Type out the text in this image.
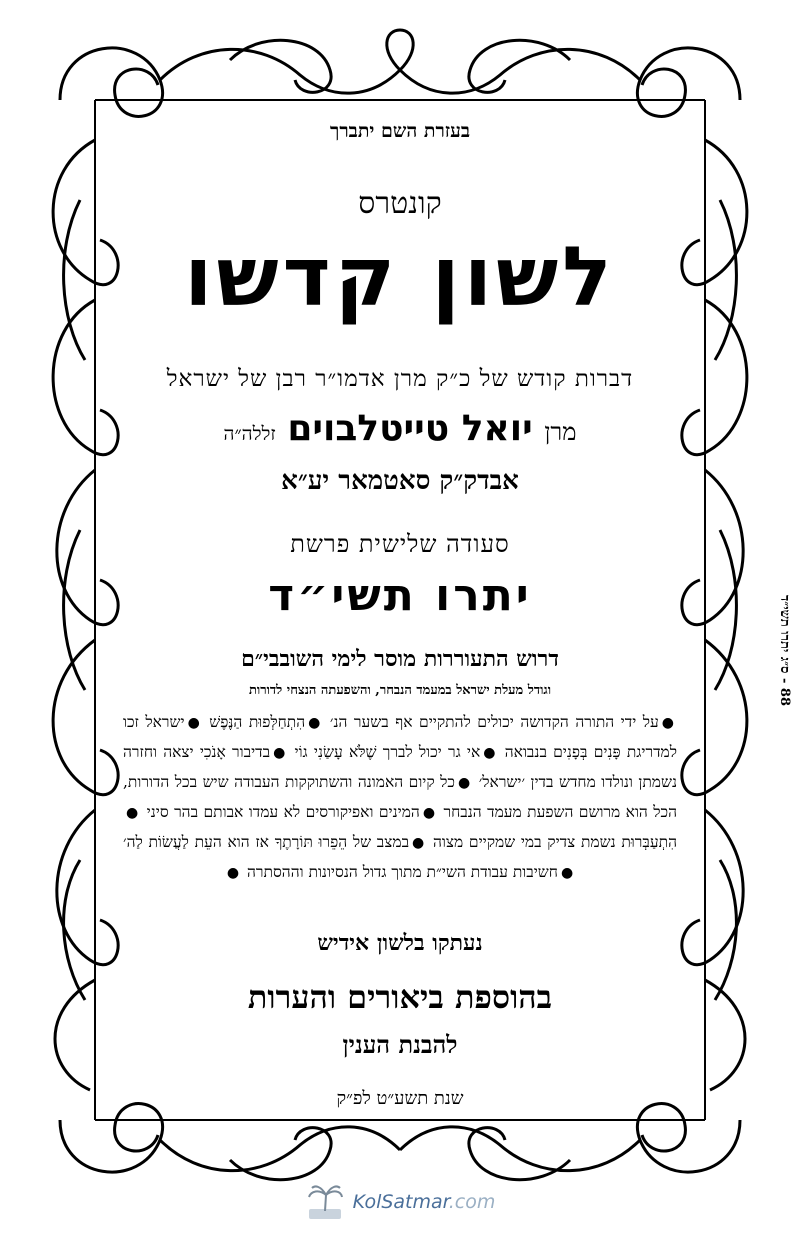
בעזרת השם יתברך
קונטרס
לשון קדשו
דברות קודש של כ״ק מרן אדמו״ר רבן של ישראל
מרן יואל טייטלבוים זללה״ה
אבדק״ק סאטמאר יע״א
סעודה שלישית פרשת
יתרו תשי״ד
דרוש התעוררות מוסר לימי השובבי״ם
וגודל מעלת ישראל במעמד הנבחר, והשפעתה הנצחי לדורות
●על ידי התורה הקדושה יכולים להתקיים אף בשער הנ׳ ●הִתְחַלְּפוּת הַנֶּפֶשׁ ●ישראל זכו למדריגת פָּנִים בְּפָנִים בנבואה ●אי גר יכול לברך שֶׁלֹּא עָשַׂנִי גוֹי ●בדיבור אָנֹכִי יצאה וחזרה נשמתן ונולדו מחדש בדין ׳ישראל׳ ●כל קיום האמונה והשתוקקות העבודה שיש בכל הדורות, הכל הוא מרושם השפעת מעמד הנבחר ●המינים ואפיקורסים לא עמדו אבותם בהר סיני ●הִתְעַבְּרוּת נשמת צדיק במי שמקיים מצוה ●במצב של הֵפֵרוּ תּוֹרָתֶךָ אז הוא העֵת לַעֲשׂוֹת לַה׳ ●חשיבות עבודת השי״ת מתוך גדול הנסיונות וההסתרה ●
נעתקו בלשון אידיש
בהוספת ביאורים והערות
להבנת הענין
שנת תשע״ט לפ״ק
88 - ס״ג יתרו תשי״ד
KolSatmar.com
